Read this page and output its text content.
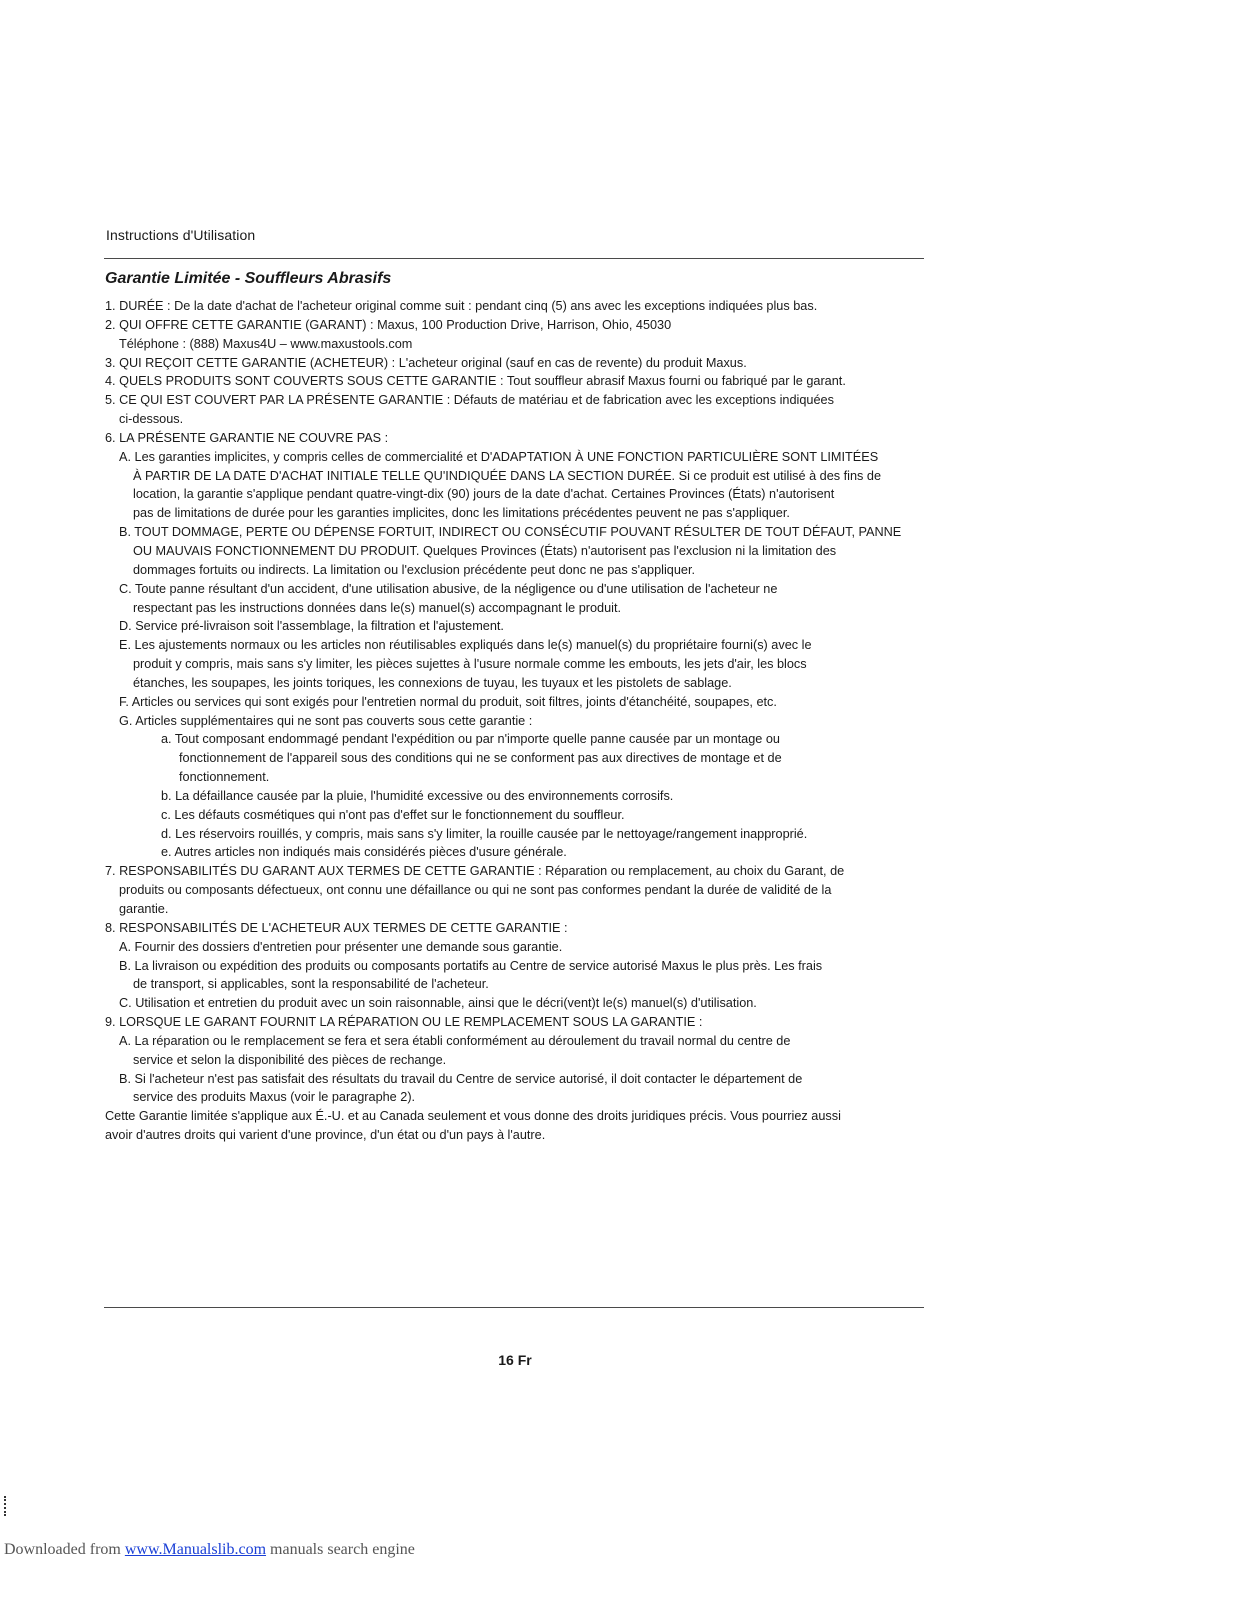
Instructions d'Utilisation
Garantie Limitée - Souffleurs Abrasifs
1. DURÉE : De la date d'achat de l'acheteur original comme suit : pendant cinq (5) ans avec les exceptions indiquées plus bas.
2. QUI OFFRE CETTE GARANTIE (GARANT) : Maxus, 100 Production Drive, Harrison, Ohio, 45030
Téléphone : (888) Maxus4U – www.maxustools.com
3. QUI REÇOIT CETTE GARANTIE (ACHETEUR) : L'acheteur original (sauf en cas de revente) du produit Maxus.
4. QUELS PRODUITS SONT COUVERTS SOUS CETTE GARANTIE : Tout souffleur abrasif Maxus fourni ou fabriqué par le garant.
5. CE QUI EST COUVERT PAR LA PRÉSENTE GARANTIE : Défauts de matériau et de fabrication avec les exceptions indiquées
ci-dessous.
6. LA PRÉSENTE GARANTIE NE COUVRE PAS :
A. Les garanties implicites, y compris celles de commercialité et D'ADAPTATION À UNE FONCTION PARTICULIÈRE SONT LIMITÉES
À PARTIR DE LA DATE D'ACHAT INITIALE TELLE QU'INDIQUÉE DANS LA SECTION DURÉE. Si ce produit est utilisé à des fins de
location, la garantie s'applique pendant quatre-vingt-dix (90) jours de la date d'achat. Certaines Provinces (États) n'autorisent
pas de limitations de durée pour les garanties implicites, donc les limitations précédentes peuvent ne pas s'appliquer.
B. TOUT DOMMAGE, PERTE OU DÉPENSE FORTUIT, INDIRECT OU CONSÉCUTIF POUVANT RÉSULTER DE TOUT DÉFAUT, PANNE
OU MAUVAIS FONCTIONNEMENT DU PRODUIT. Quelques Provinces (États) n'autorisent pas l'exclusion ni la limitation des
dommages fortuits ou indirects. La limitation ou l'exclusion précédente peut donc ne pas s'appliquer.
C. Toute panne résultant d'un accident, d'une utilisation abusive, de la négligence ou d'une utilisation de l'acheteur ne
respectant pas les instructions données dans le(s) manuel(s) accompagnant le produit.
D. Service pré-livraison soit l'assemblage, la filtration et l'ajustement.
E. Les ajustements normaux ou les articles non réutilisables expliqués dans le(s) manuel(s) du propriétaire fourni(s) avec le
produit y compris, mais sans s'y limiter, les pièces sujettes à l'usure normale comme les embouts, les jets d'air, les blocs
étanches, les soupapes, les joints toriques, les connexions de tuyau, les tuyaux et les pistolets de sablage.
F. Articles ou services qui sont exigés pour l'entretien normal du produit, soit filtres, joints d'étanchéité, soupapes, etc.
G. Articles supplémentaires qui ne sont pas couverts sous cette garantie :
a. Tout composant endommagé pendant l'expédition ou par n'importe quelle panne causée par un montage ou
fonctionnement de l'appareil sous des conditions qui ne se conforment pas aux directives de montage et de
fonctionnement.
b. La défaillance causée par la pluie, l'humidité excessive ou des environnements corrosifs.
c. Les défauts cosmétiques qui n'ont pas d'effet sur le fonctionnement du souffleur.
d. Les réservoirs rouillés, y compris, mais sans s'y limiter, la rouille causée par le nettoyage/rangement inapproprié.
e. Autres articles non indiqués mais considérés pièces d'usure générale.
7. RESPONSABILITÉS DU GARANT AUX TERMES DE CETTE GARANTIE : Réparation ou remplacement, au choix du Garant, de
produits ou composants défectueux, ont connu une défaillance ou qui ne sont pas conformes pendant la durée de validité de la
garantie.
8. RESPONSABILITÉS DE L'ACHETEUR AUX TERMES DE CETTE GARANTIE :
A. Fournir des dossiers d'entretien pour présenter une demande sous garantie.
B. La livraison ou expédition des produits ou composants portatifs au Centre de service autorisé Maxus le plus près. Les frais
de transport, si applicables, sont la responsabilité de l'acheteur.
C. Utilisation et entretien du produit avec un soin raisonnable, ainsi que le décri(vent)t le(s) manuel(s) d'utilisation.
9. LORSQUE LE GARANT FOURNIT LA RÉPARATION OU LE REMPLACEMENT SOUS LA GARANTIE :
A. La réparation ou le remplacement se fera et sera établi conformément au déroulement du travail normal du centre de
service et selon la disponibilité des pièces de rechange.
B. Si l'acheteur n'est pas satisfait des résultats du travail du Centre de service autorisé, il doit contacter le département de
service des produits Maxus (voir le paragraphe 2).
Cette Garantie limitée s'applique aux É.-U. et au Canada seulement et vous donne des droits juridiques précis. Vous pourriez aussi
avoir d'autres droits qui varient d'une province, d'un état ou d'un pays à l'autre.
16 Fr
Downloaded from www.Manualslib.com manuals search engine
